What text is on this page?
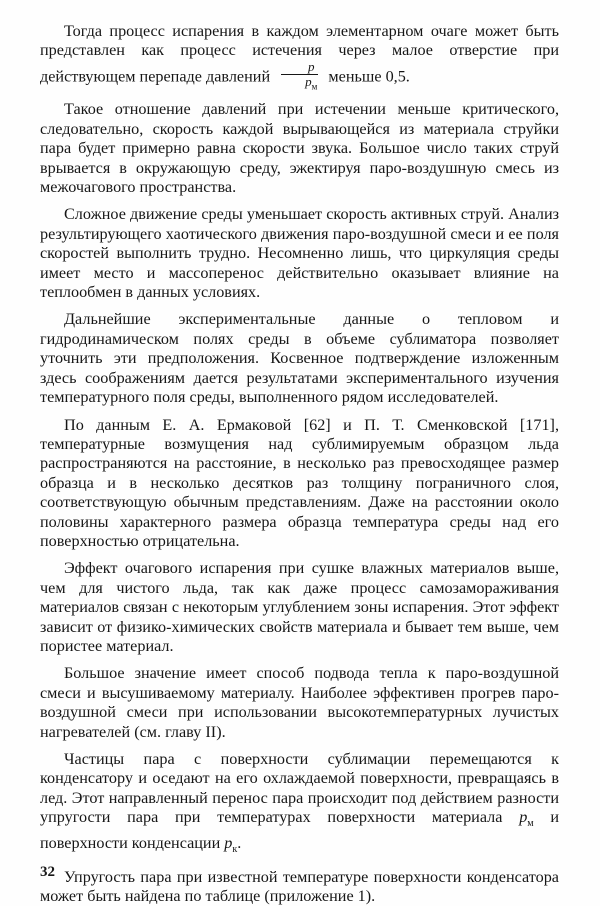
Тогда процесс испарения в каждом элементарном очаге может быть представлен как процесс истечения через малое отверстие при действующем перепаде давлений $\frac{p}{p_м}$ меньше 0,5.

Такое отношение давлений при истечении меньше критического, следовательно, скорость каждой вырывающейся из материала струйки пара будет примерно равна скорости звука. Большое число таких струй врывается в окружающую среду, эжектируя паро-воздушную смесь из межочагового пространства.

Сложное движение среды уменьшает скорость активных струй. Анализ результирующего хаотического движения паро-воздушной смеси и ее поля скоростей выполнить трудно. Несомненно лишь, что циркуляция среды имеет место и массоперенос действительно оказывает влияние на теплообмен в данных условиях.

Дальнейшие экспериментальные данные о тепловом и гидродинамическом полях среды в объеме сублиматора позволяет уточнить эти предположения. Косвенное подтверждение изложенным здесь соображениям дается результатами экспериментального изучения температурного поля среды, выполненного рядом исследователей.

По данным Е. А. Ермаковой [62] и П. Т. Сменковской [171], температурные возмущения над сублимируемым образцом льда распространяются на расстояние, в несколько раз превосходящее размер образца и в несколько десятков раз толщину пограничного слоя, соответствующую обычным представлениям. Даже на расстоянии около половины характерного размера образца температура среды над его поверхностью отрицательна.

Эффект очагового испарения при сушке влажных материалов выше, чем для чистого льда, так как даже процесс самозамораживания материалов связан с некоторым углублением зоны испарения. Этот эффект зависит от физико-химических свойств материала и бывает тем выше, чем пористее материал.

Большое значение имеет способ подвода тепла к паро-воздушной смеси и высушиваемому материалу. Наиболее эффективен прогрев паро-воздушной смеси при использовании высокотемпературных лучистых нагревателей (см. главу II).

Частицы пара с поверхности сублимации перемещаются к конденсатору и оседают на его охлаждаемой поверхности, превращаясь в лед. Этот направленный перенос пара происходит под действием разности упругости пара при температурах поверхности материала $p_м$ и поверхности конденсации $p_к$.

Упругость пара при известной температуре поверхности конденсатора может быть найдена по таблице (приложение 1).

32
